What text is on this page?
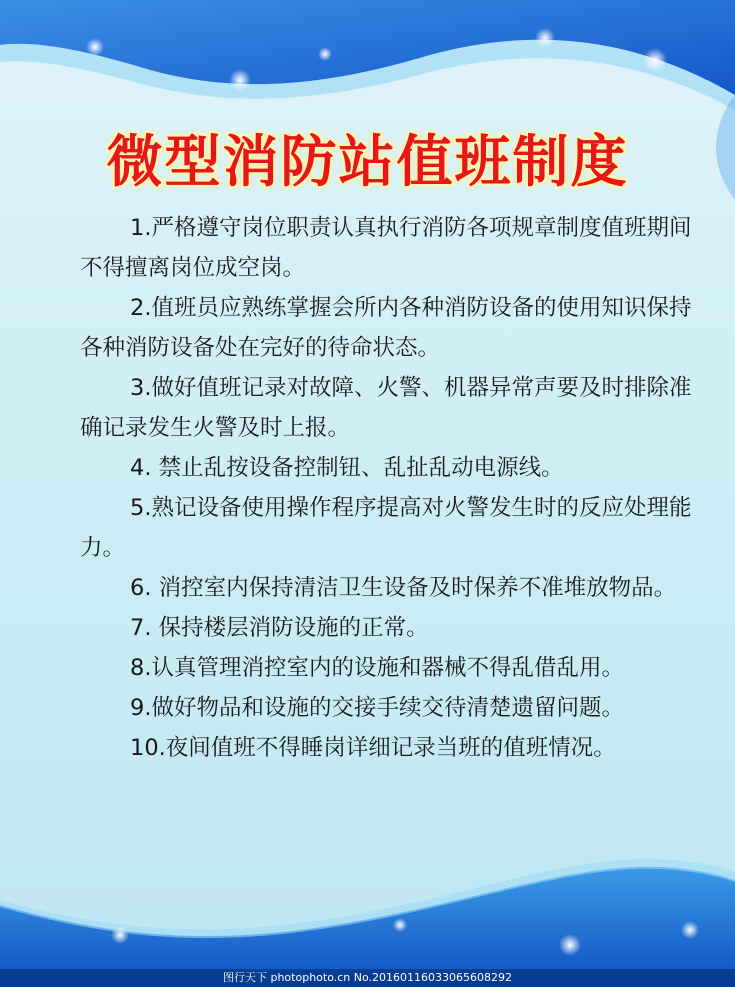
微型消防站值班制度

1.严格遵守岗位职责认真执行消防各项规章制度值班期间不得擅离岗位成空岗。

2.值班员应熟练掌握会所内各种消防设备的使用知识保持各种消防设备处在完好的待命状态。

3.做好值班记录对故障、火警、机器异常声要及时排除准确记录发生火警及时上报。

4. 禁止乱按设备控制钮、乱扯乱动电源线。

5.熟记设备使用操作程序提高对火警发生时的反应处理能力。

6. 消控室内保持清洁卫生设备及时保养不准堆放物品。

7. 保持楼层消防设施的正常。

8.认真管理消控室内的设施和器械不得乱借乱用。

9.做好物品和设施的交接手续交待清楚遗留问题。

10.夜间值班不得睡岗详细记录当班的值班情况。

图行天下 photophoto.cn No.20160116033065608292
